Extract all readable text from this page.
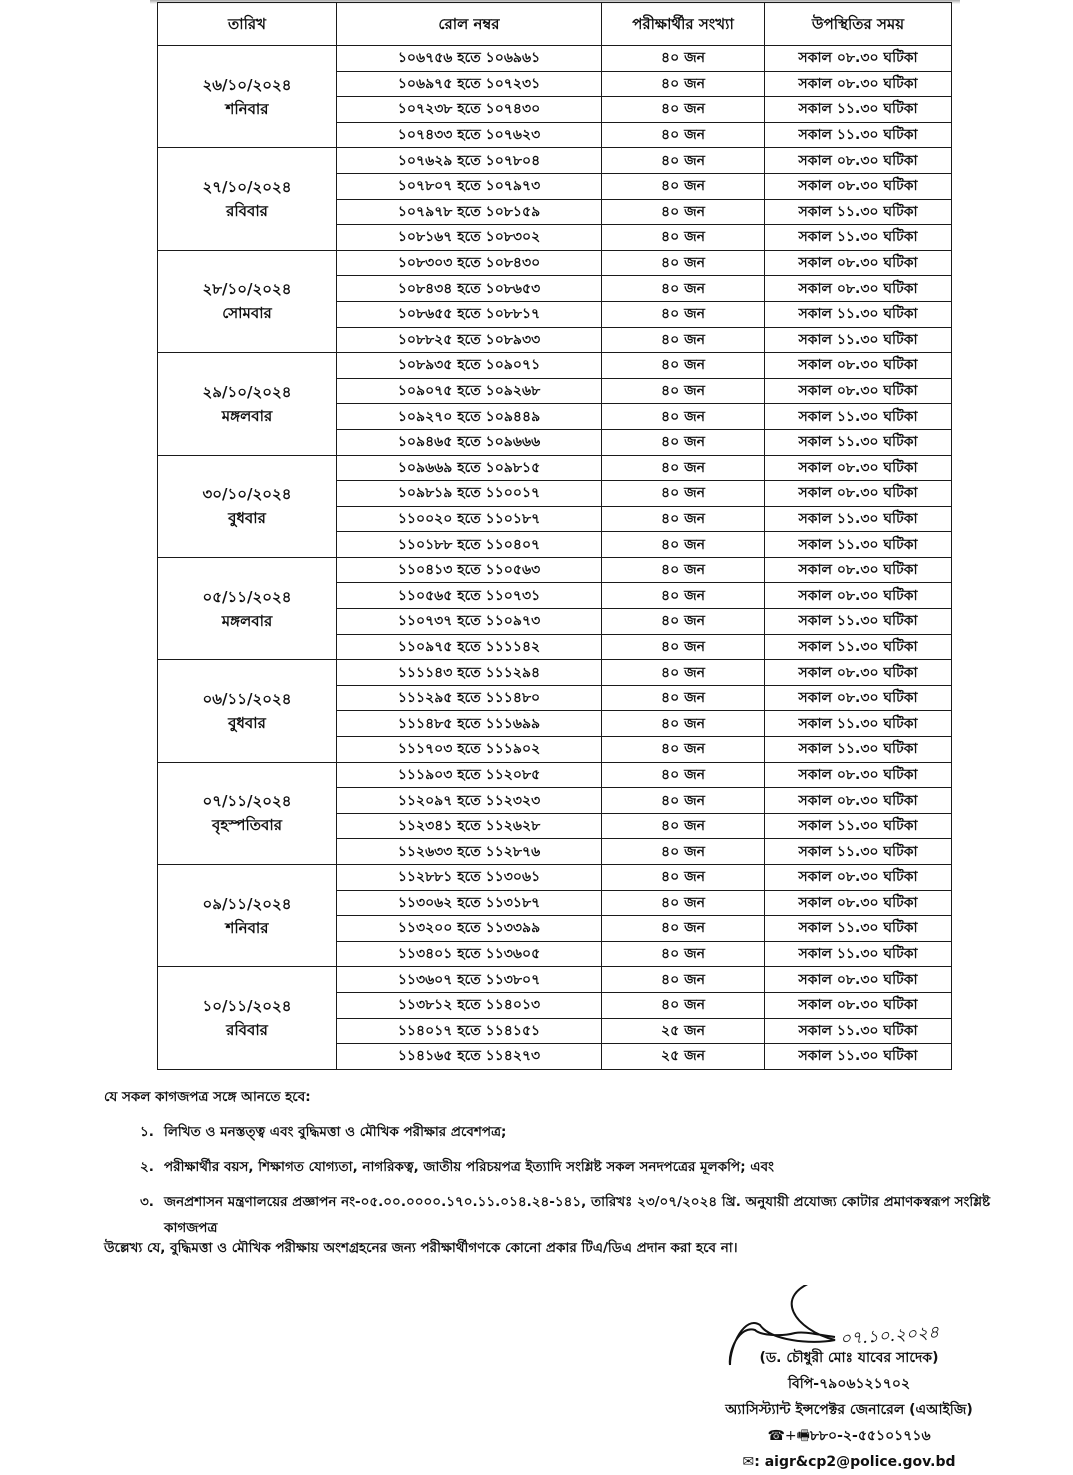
তারিখ	রোল নম্বর	পরীক্ষার্থীর সংখ্যা	উপস্থিতির সময়

২৬/১০/২০২৪
শনিবার	১০৬৭৫৬ হতে ১০৬৯৬১	৪০ জন	সকাল ০৮.৩০ ঘটিকা
	১০৬৯৭৫ হতে ১০৭২৩১	৪০ জন	সকাল ০৮.৩০ ঘটিকা
	১০৭২৩৮ হতে ১০৭৪৩০	৪০ জন	সকাল ১১.৩০ ঘটিকা
	১০৭৪৩৩ হতে ১০৭৬২৩	৪০ জন	সকাল ১১.৩০ ঘটিকা

২৭/১০/২০২৪
রবিবার	১০৭৬২৯ হতে ১০৭৮০৪	৪০ জন	সকাল ০৮.৩০ ঘটিকা
	১০৭৮০৭ হতে ১০৭৯৭৩	৪০ জন	সকাল ০৮.৩০ ঘটিকা
	১০৭৯৭৮ হতে ১০৮১৫৯	৪০ জন	সকাল ১১.৩০ ঘটিকা
	১০৮১৬৭ হতে ১০৮৩০২	৪০ জন	সকাল ১১.৩০ ঘটিকা

২৮/১০/২০২৪
সোমবার	১০৮৩০৩ হতে ১০৮৪৩০	৪০ জন	সকাল ০৮.৩০ ঘটিকা
	১০৮৪৩৪ হতে ১০৮৬৫৩	৪০ জন	সকাল ০৮.৩০ ঘটিকা
	১০৮৬৫৫ হতে ১০৮৮১৭	৪০ জন	সকাল ১১.৩০ ঘটিকা
	১০৮৮২৫ হতে ১০৮৯৩৩	৪০ জন	সকাল ১১.৩০ ঘটিকা

২৯/১০/২০২৪
মঙ্গলবার	১০৮৯৩৫ হতে ১০৯০৭১	৪০ জন	সকাল ০৮.৩০ ঘটিকা
	১০৯০৭৫ হতে ১০৯২৬৮	৪০ জন	সকাল ০৮.৩০ ঘটিকা
	১০৯২৭০ হতে ১০৯৪৪৯	৪০ জন	সকাল ১১.৩০ ঘটিকা
	১০৯৪৬৫ হতে ১০৯৬৬৬	৪০ জন	সকাল ১১.৩০ ঘটিকা

৩০/১০/২০২৪
বুধবার	১০৯৬৬৯ হতে ১০৯৮১৫	৪০ জন	সকাল ০৮.৩০ ঘটিকা
	১০৯৮১৯ হতে ১১০০১৭	৪০ জন	সকাল ০৮.৩০ ঘটিকা
	১১০০২০ হতে ১১০১৮৭	৪০ জন	সকাল ১১.৩০ ঘটিকা
	১১০১৮৮ হতে ১১০৪০৭	৪০ জন	সকাল ১১.৩০ ঘটিকা

০৫/১১/২০২৪
মঙ্গলবার	১১০৪১৩ হতে ১১০৫৬৩	৪০ জন	সকাল ০৮.৩০ ঘটিকা
	১১০৫৬৫ হতে ১১০৭৩১	৪০ জন	সকাল ০৮.৩০ ঘটিকা
	১১০৭৩৭ হতে ১১০৯৭৩	৪০ জন	সকাল ১১.৩০ ঘটিকা
	১১০৯৭৫ হতে ১১১১৪২	৪০ জন	সকাল ১১.৩০ ঘটিকা

০৬/১১/২০২৪
বুধবার	১১১১৪৩ হতে ১১১২৯৪	৪০ জন	সকাল ০৮.৩০ ঘটিকা
	১১১২৯৫ হতে ১১১৪৮০	৪০ জন	সকাল ০৮.৩০ ঘটিকা
	১১১৪৮৫ হতে ১১১৬৯৯	৪০ জন	সকাল ১১.৩০ ঘটিকা
	১১১৭০৩ হতে ১১১৯০২	৪০ জন	সকাল ১১.৩০ ঘটিকা

০৭/১১/২০২৪
বৃহস্পতিবার	১১১৯০৩ হতে ১১২০৮৫	৪০ জন	সকাল ০৮.৩০ ঘটিকা
	১১২০৯৭ হতে ১১২৩২৩	৪০ জন	সকাল ০৮.৩০ ঘটিকা
	১১২৩৪১ হতে ১১২৬২৮	৪০ জন	সকাল ১১.৩০ ঘটিকা
	১১২৬৩৩ হতে ১১২৮৭৬	৪০ জন	সকাল ১১.৩০ ঘটিকা

০৯/১১/২০২৪
শনিবার	১১২৮৮১ হতে ১১৩০৬১	৪০ জন	সকাল ০৮.৩০ ঘটিকা
	১১৩০৬২ হতে ১১৩১৮৭	৪০ জন	সকাল ০৮.৩০ ঘটিকা
	১১৩২০০ হতে ১১৩৩৯৯	৪০ জন	সকাল ১১.৩০ ঘটিকা
	১১৩৪০১ হতে ১১৩৬০৫	৪০ জন	সকাল ১১.৩০ ঘটিকা

১০/১১/২০২৪
রবিবার	১১৩৬০৭ হতে ১১৩৮০৭	৪০ জন	সকাল ০৮.৩০ ঘটিকা
	১১৩৮১২ হতে ১১৪০১৩	৪০ জন	সকাল ০৮.৩০ ঘটিকা
	১১৪০১৭ হতে ১১৪১৫১	২৫ জন	সকাল ১১.৩০ ঘটিকা
	১১৪১৬৫ হতে ১১৪২৭৩	২৫ জন	সকাল ১১.৩০ ঘটিকা

যে সকল কাগজপত্র সঙ্গে আনতে হবে:

১. লিখিত ও মনস্তত্ত্ব এবং বুদ্ধিমত্তা ও মৌখিক পরীক্ষার প্রবেশপত্র;
২. পরীক্ষার্থীর বয়স, শিক্ষাগত যোগ্যতা, নাগরিকত্ব, জাতীয় পরিচয়পত্র ইত্যাদি সংশ্লিষ্ট সকল সনদপত্রের মূলকপি; এবং
৩. জনপ্রশাসন মন্ত্রণালয়ের প্রজ্ঞাপন নং-০৫.০০.০০০০.১৭০.১১.০১৪.২৪-১৪১, তারিখঃ ২৩/০৭/২০২৪ খ্রি. অনুযায়ী প্রযোজ্য কোটার প্রমাণকস্বরূপ সংশ্লিষ্ট কাগজপত্র
উল্লেখ্য যে, বুদ্ধিমত্তা ও মৌখিক পরীক্ষায় অংশগ্রহনের জন্য পরীক্ষার্থীগণকে কোনো প্রকার টিএ/ডিএ প্রদান করা হবে না।
০৭.১০.২০২৪
(ড. চৌধুরী মোঃ যাবের সাদেক)
বিপি-৭৯০৬১২১৭০২
অ্যাসিস্ট্যান্ট ইন্সপেক্টর জেনারেল (এআইজি)
☎+🖷৮৮০-২-৫৫১০১৭১৬
✉: aigr&cp2@police.gov.bd
